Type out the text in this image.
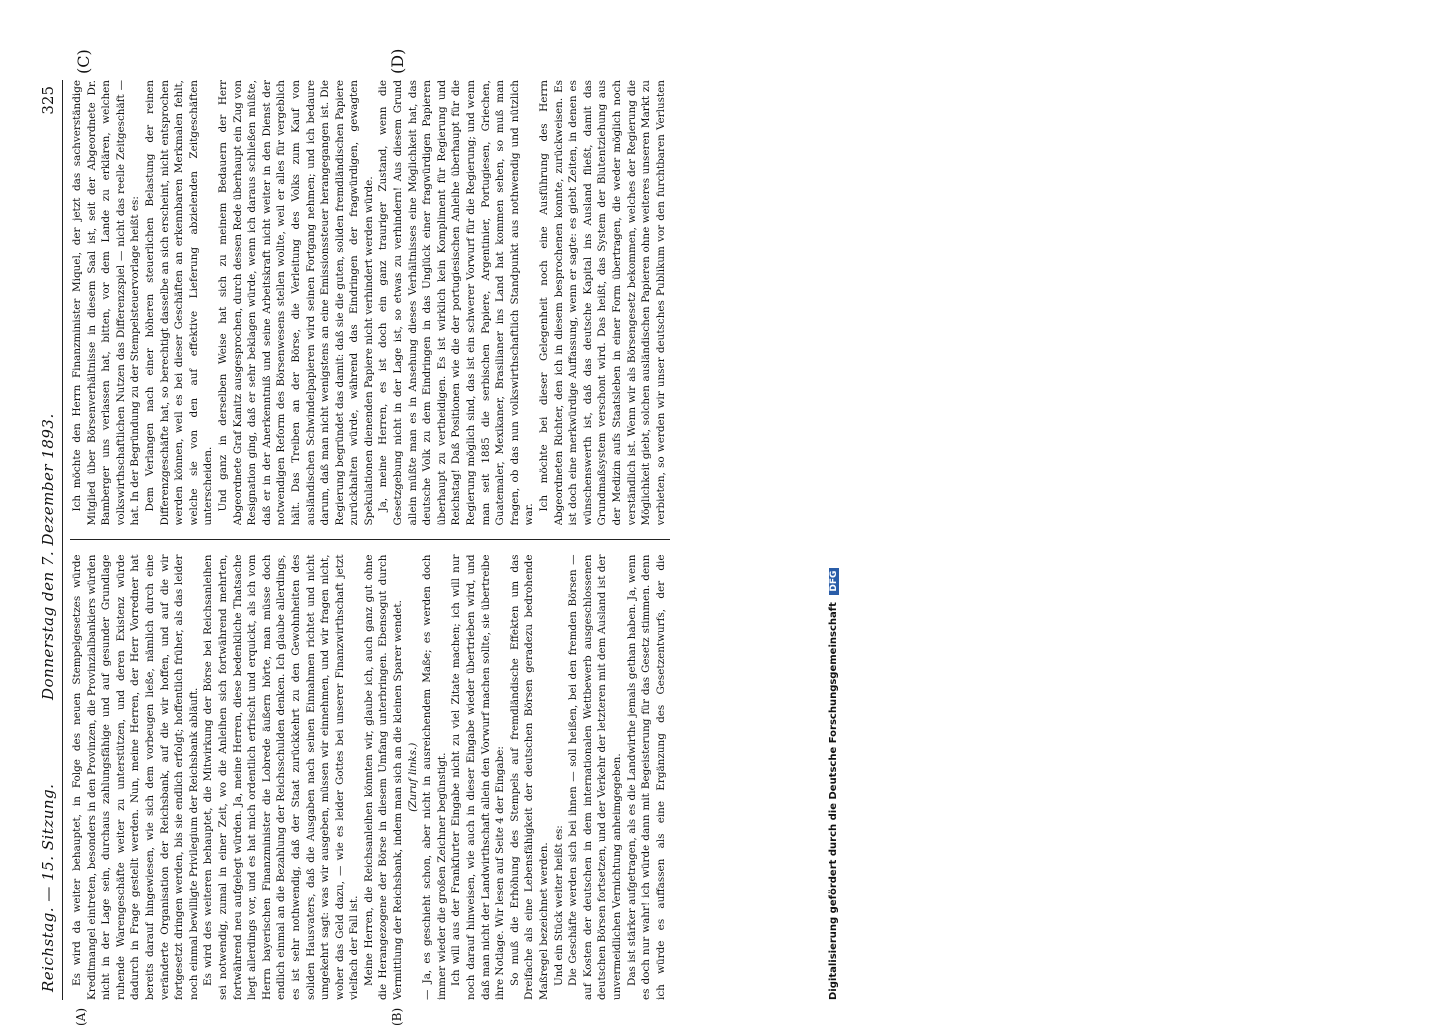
Reichstag. — 15. Sitzung.
Donnerstag den 7. Dezember 1893.
325
(A)	(B)

Es wird da weiter behauptet, in Folge des neuen Stempelgesetzes würde Kreditmangel eintreten, besonders in den Provinzen, die Provinzialbankiers würden nicht in der Lage sein, durchaus zahlungsfähige und auf gesunder Grundlage ruhende Warengeschäfte weiter zu unterstützen, und deren Existenz würde dadurch in Frage gestellt werden. Nun, meine Herren, der Herr Vorredner hat bereits darauf hingewiesen, wie sich dem vorbeugen ließe, nämlich durch eine veränderte Organisation der Reichsbank, auf die wir hoffen, und auf die wir fortgesetzt dringen werden, bis sie endlich erfolgt; hoffentlich früher, als das leider noch einmal bewilligte Privilegium der Reichsbank abläuft. Es wird des weiteren behauptet, die Mitwirkung der Börse bei Reichsanleihen sei notwendig, zumal in einer Zeit, wo die Anleihen sich fortwährend mehrten, fortwährend neu aufgelegt würden. Ja, meine Herren, diese bedenkliche Thatsache liegt allerdings vor, und es hat mich ordentlich erfrischt und erquickt, als ich vom Herrn bayerischen Finanzminister die Lobrede äußern hörte, man müsse doch endlich einmal an die Bezahlung der Reichsschulden denken. Ich glaube allerdings, es ist sehr nothwendig, daß der Staat zurückkehrt zu den Gewohnheiten des soliden Hausvaters, daß die Ausgaben nach seinen Einnahmen richtet und nicht umgekehrt sagt: was wir ausgeben, müssen wir einnehmen, und wir fragen nicht, woher das Geld dazu, — wie es leider Gottes bei unserer Finanzwirthschaft jetzt vielfach der Fall ist. Meine Herren, die Reichsanleihen könnten wir, glaube ich, auch ganz gut ohne die Herangezogene der Börse in diesem Umfang unterbringen. Ebensogut durch Vermittlung der Reichsbank, indem man sich an die kleinen Sparer wendet. (Zuruf links.) — Ja, es geschieht schon, aber nicht in ausreichendem Maße; es werden doch immer wieder die großen Zeichner begünstigt. Ich will aus der Frankfurter Eingabe nicht zu viel Zitate machen; ich will nur noch darauf hinweisen, wie auch in dieser Eingabe wieder übertrieben wird, und daß man nicht der Landwirthschaft allein den Vorwurf machen sollte, sie übertreibe ihre Notlage. Wir lesen auf Seite 4 der Eingabe: So muß die Erhöhung des Stempels auf fremdländische Effekten um das Dreifache als eine Lebensfähigkeit der deutschen Börsen geradezu bedrohende Maßregel bezeichnet werden. Und ein Stück weiter heißt es: Die Geschäfte werden sich bei ihnen — soll heißen, bei den fremden Börsen — auf Kosten der deutschen in dem internationalen Wettbewerb ausgeschlossenen deutschen Börsen fortsetzen, und der Verkehr der letzteren mit dem Ausland ist der unvermeidlichen Vernichtung anheimgegeben. Das ist stärker aufgetragen, als es die Landwirthe jemals gethan haben. Ja, wenn es doch nur wahr! ich würde dann mit Begeisterung für das Gesetz stimmen. denn ich würde es auffassen als eine Ergänzung des Gesetzentwurfs, der die

Ich möchte den Herrn Finanzminister Miquel, der jetzt das sachverständige Mitglied über Börsenverhältnisse in diesem Saal ist, seit der Abgeordnete Dr. Bamberger uns verlassen hat, bitten, vor dem Lande zu erklären, welchen volkswirthschaftlichen Nutzen das Differenzspiel — nicht das reelle Zeitgeschäft — hat. In der Begründung zu der Stempelsteuervorlage heißt es: Dem Verlangen nach einer höheren steuerlichen Belastung der reinen Differenzgeschäfte hat, so berechtigt dasselbe an sich erscheint, nicht entsprochen werden können, weil es bei dieser Geschäften an erkennbaren Merkmalen fehlt, welche sie von den auf effektive Lieferung abzielenden Zeitgeschäften unterscheiden. Und ganz in derselben Weise hat sich zu meinem Bedauern der Herr Abgeordnete Graf Kanitz ausgesprochen, durch dessen Rede überhaupt ein Zug von Resignation ging, daß er sehr beklagen würde, wenn ich daraus schließen müßte, daß er in der Anerkenntniß und seine Arbeitskraft nicht weiter in den Dienst der notwendigen Reform des Börsenwesens stellen wollte, weil er alles für vergeblich hält. Das Treiben an der Börse, die Verleitung des Volks zum Kauf von ausländischen Schwindelpapieren wird seinen Fortgang nehmen; und ich bedaure darum, daß man nicht wenigstens an eine Emissionssteuer herangegangen ist. Die Regierung begründet das damit: daß sie die guten, soliden fremdländischen Papiere zurückhalten würde, während das Eindringen der fragwürdigen, gewagten Spekulationen dienenden Papiere nicht verhindert werden würde. Ja, meine Herren, es ist doch ein ganz trauriger Zustand, wenn die Gesetzgebung nicht in der Lage ist, so etwas zu verhindern! Aus diesem Grund allein müßte man es in Ansehung dieses Verhältnisses eine Möglichkeit hat, das deutsche Volk zu dem Eindringen in das Unglück einer fragwürdigen Papieren überhaupt zu vertheidigen. Es ist wirklich kein Kompliment für Regierung und Reichstag! Daß Positionen wie die der portugiesischen Anleihe überhaupt für die Regierung möglich sind, das ist ein schwerer Vorwurf für die Regierung; und wenn man seit 1885 die serbischen Papiere, Argentinier, Portugiesen, Griechen, Guatemaler, Mexikaner, Brasilianer ins Land hat kommen sehen, so muß man fragen, ob das nun volkswirthschaftlich Standpunkt aus nothwendig und nützlich war.

Ich möchte bei dieser Gelegenheit noch eine Ausführung des Herrn Abgeordneten Richter, den ich in diesem besprochenen konnte, zurückweisen. Es ist doch eine merkwürdige Auffassung, wenn er sagte: es giebt Zeiten, in denen es wünschenswerth ist, daß das deutsche Kapital ins Ausland fließt, damit das Grundmaßsystem verschont wird. Das heißt, das System der Blutentziehung aus der Medizin aufs Staatsleben in einer Form übertragen, die weder möglich noch verständlich ist. Wenn wir als Börsengesetz bekommen, welches der Regierung die Möglichkeit giebt, solchen ausländischen Papieren ohne weiteres unseren Markt zu verbieten, so werden wir unser deutsches Publikum vor den furchtbaren Verlusten

(C)	(D)
Digitalisierung gefördert durch die Deutsche Forschungsgemeinschaft DFG
